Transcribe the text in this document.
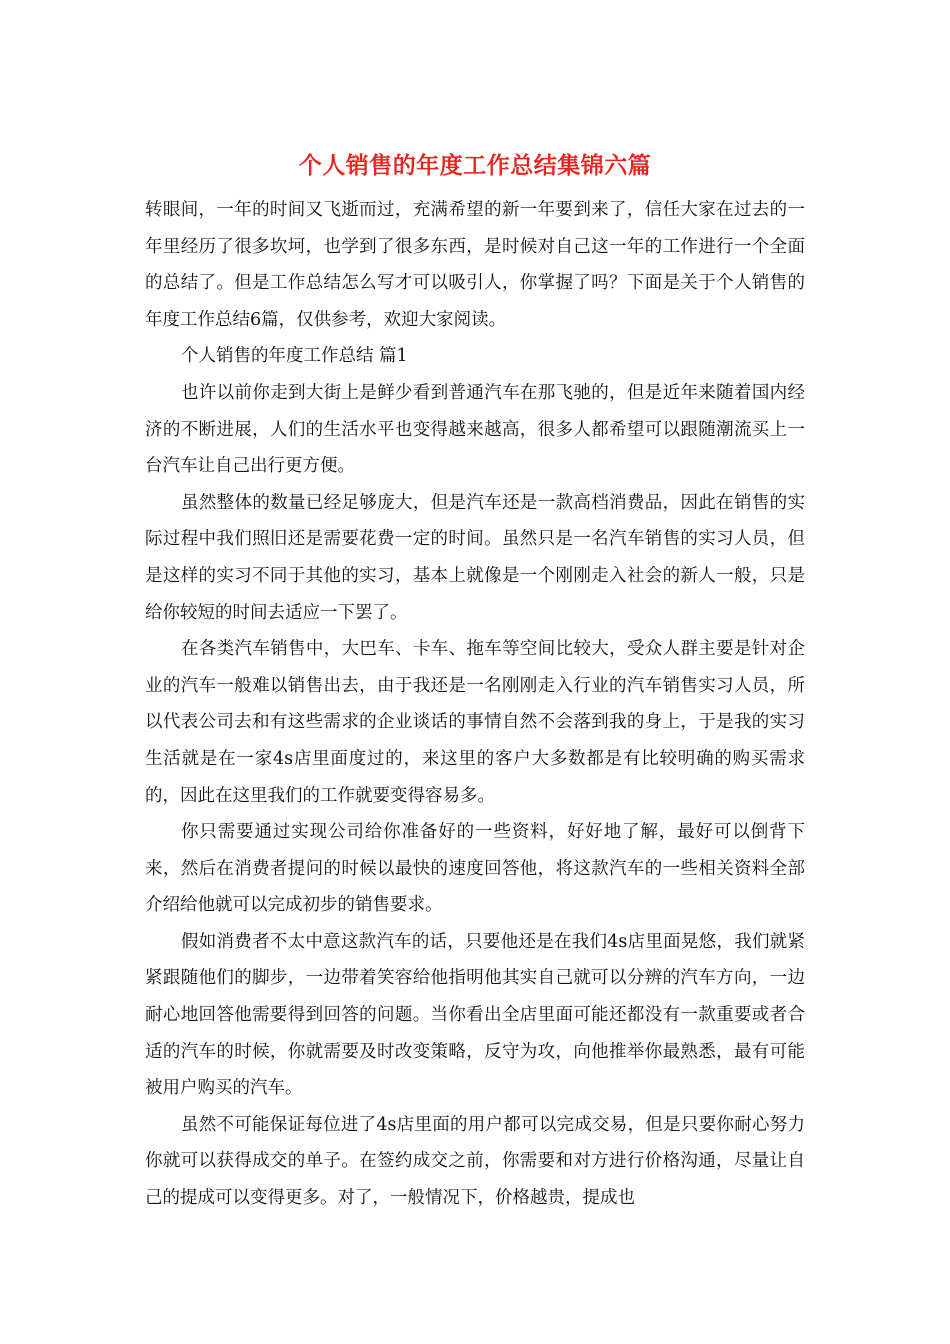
个人销售的年度工作总结集锦六篇

转眼间，一年的时间又飞逝而过，充满希望的新一年要到来了，信任大家在过去的一年里经历了很多坎坷，也学到了很多东西，是时候对自己这一年的工作进行一个全面的总结了。但是工作总结怎么写才可以吸引人，你掌握了吗？下面是关于个人销售的年度工作总结6篇，仅供参考，欢迎大家阅读。

个人销售的年度工作总结 篇1

也许以前你走到大街上是鲜少看到普通汽车在那飞驰的，但是近年来随着国内经济的不断进展，人们的生活水平也变得越来越高，很多人都希望可以跟随潮流买上一台汽车让自己出行更方便。

虽然整体的数量已经足够庞大，但是汽车还是一款高档消费品，因此在销售的实际过程中我们照旧还是需要花费一定的时间。虽然只是一名汽车销售的实习人员，但是这样的实习不同于其他的实习，基本上就像是一个刚刚走入社会的新人一般，只是给你较短的时间去适应一下罢了。

在各类汽车销售中，大巴车、卡车、拖车等空间比较大，受众人群主要是针对企业的汽车一般难以销售出去，由于我还是一名刚刚走入行业的汽车销售实习人员，所以代表公司去和有这些需求的企业谈话的事情自然不会落到我的身上，于是我的实习生活就是在一家4s店里面度过的，来这里的客户大多数都是有比较明确的购买需求的，因此在这里我们的工作就要变得容易多。

你只需要通过实现公司给你准备好的一些资料，好好地了解，最好可以倒背下来，然后在消费者提问的时候以最快的速度回答他，将这款汽车的一些相关资料全部介绍给他就可以完成初步的销售要求。

假如消费者不太中意这款汽车的话，只要他还是在我们4s店里面晃悠，我们就紧紧跟随他们的脚步，一边带着笑容给他指明他其实自己就可以分辨的汽车方向，一边耐心地回答他需要得到回答的问题。当你看出全店里面可能还都没有一款重要或者合适的汽车的时候，你就需要及时改变策略，反守为攻，向他推举你最熟悉，最有可能被用户购买的汽车。

虽然不可能保证每位进了4s店里面的用户都可以完成交易，但是只要你耐心努力你就可以获得成交的单子。在签约成交之前，你需要和对方进行价格沟通，尽量让自己的提成可以变得更多。对了，一般情况下，价格越贵，提成也
